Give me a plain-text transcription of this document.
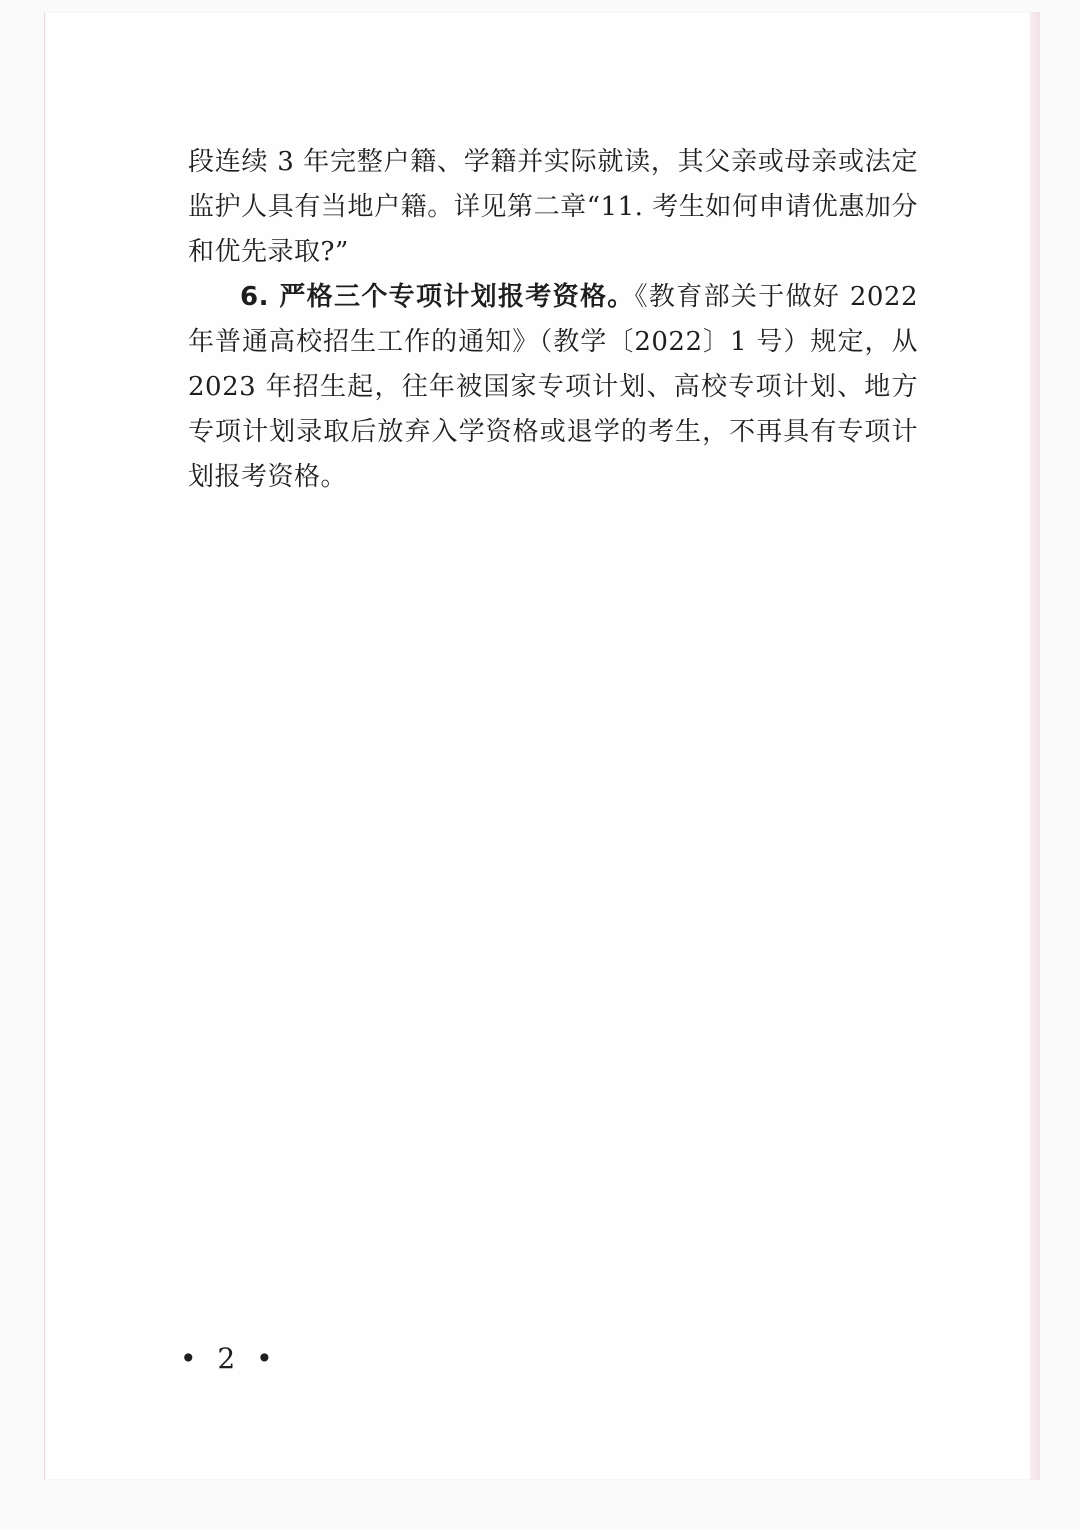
段连续 3 年完整户籍、学籍并实际就读，其父亲或母亲或法定监护人具有当地户籍。详见第二章“11. 考生如何申请优惠加分和优先录取?”

6. 严格三个专项计划报考资格。《教育部关于做好 2022 年普通高校招生工作的通知》（教学〔2022〕1 号）规定，从 2023 年招生起，往年被国家专项计划、高校专项计划、地方专项计划录取后放弃入学资格或退学的考生，不再具有专项计划报考资格。

• 2 •
